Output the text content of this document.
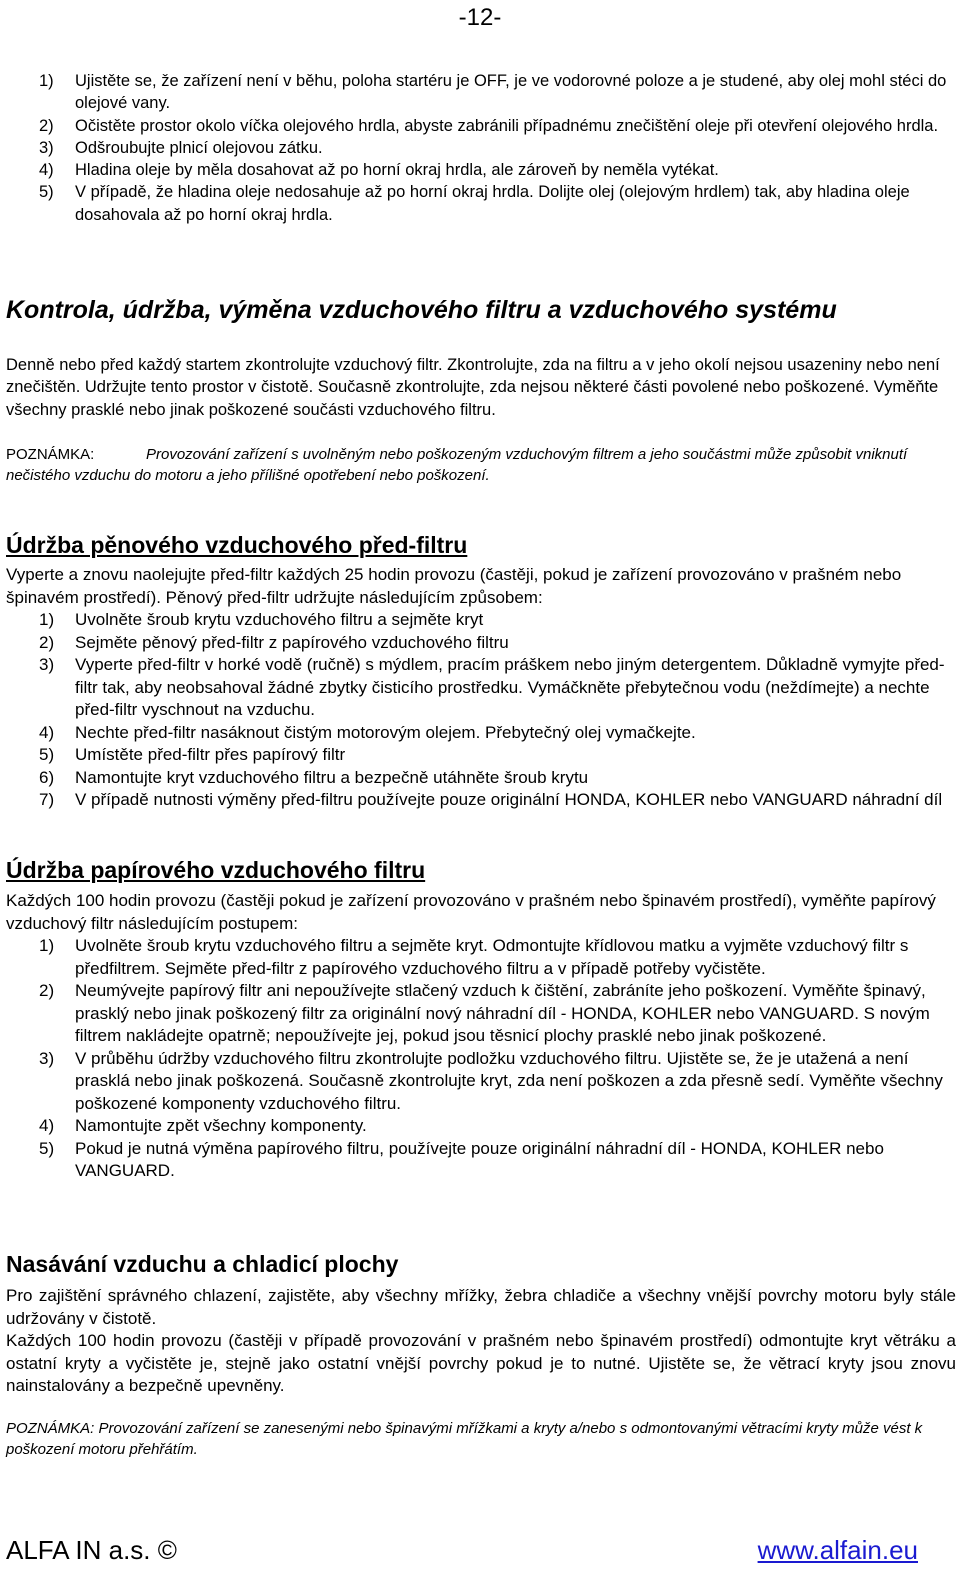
-12-
1) Ujistěte se, že zařízení není v běhu, poloha startéru je OFF, je ve vodorovné poloze a je studené, aby olej mohl stéci do olejové vany.
2) Očistěte prostor okolo víčka olejového hrdla, abyste zabránili případnému znečištění oleje při otevření olejového hrdla.
3) Odšroubujte plnicí olejovou zátku.
4) Hladina oleje by měla dosahovat až po horní okraj hrdla, ale zároveň by neměla vytékat.
5) V případě, že hladina oleje nedosahuje až po horní okraj hrdla. Dolijte olej (olejovým hrdlem) tak, aby hladina oleje dosahovala až po horní okraj hrdla.
Kontrola, údržba, výměna vzduchového filtru a vzduchového systému
Denně nebo před každý startem zkontrolujte vzduchový filtr. Zkontrolujte, zda na filtru a v jeho okolí nejsou usazeniny nebo není znečištěn. Udržujte tento prostor v čistotě. Současně zkontrolujte, zda nejsou některé části povolené nebo poškozené. Vyměňte všechny prasklé nebo jinak poškozené součásti vzduchového filtru.
POZNÁMKA:	Provozování zařízení s uvolněným nebo poškozeným vzduchovým filtrem a jeho součástmi může způsobit vniknutí nečistého vzduchu do motoru a jeho přílišné opotřebení nebo poškození.
Údržba pěnového vzduchového před-filtru
Vyperte a znovu naolejujte před-filtr každých 25 hodin provozu (častěji, pokud je zařízení provozováno v prašném nebo špinavém prostředí). Pěnový před-filtr udržujte následujícím způsobem:
1) Uvolněte šroub krytu vzduchového filtru a sejměte kryt
2) Sejměte pěnový před-filtr z papírového vzduchového filtru
3) Vyperte před-filtr v horké vodě (ručně) s mýdlem, pracím práškem nebo jiným detergentem. Důkladně vymyjte před-filtr tak, aby neobsahoval žádné zbytky čisticího prostředku. Vymáčkněte přebytečnou vodu (neždímejte) a nechte před-filtr vyschnout na vzduchu.
4) Nechte před-filtr nasáknout čistým motorovým olejem. Přebytečný olej vymačkejte.
5) Umístěte před-filtr přes papírový filtr
6) Namontujte kryt vzduchového filtru a bezpečně utáhněte šroub krytu
7) V případě nutnosti výměny před-filtru používejte pouze originální HONDA, KOHLER nebo VANGUARD náhradní díl
Údržba papírového vzduchového filtru
Každých 100 hodin provozu (častěji pokud je zařízení provozováno v prašném nebo špinavém prostředí), vyměňte papírový vzduchový filtr následujícím postupem:
1) Uvolněte šroub krytu vzduchového filtru a sejměte kryt. Odmontujte křídlovou matku a vyjměte vzduchový filtr s předfiltrem. Sejměte před-filtr z papírového vzduchového filtru a v případě potřeby vyčistěte.
2) Neumývejte papírový filtr ani nepoužívejte stlačený vzduch k čištění, zabráníte jeho poškození. Vyměňte špinavý, prasklý nebo jinak poškozený filtr za originální nový náhradní díl - HONDA, KOHLER nebo VANGUARD. S novým filtrem nakládejte opatrně; nepoužívejte jej, pokud jsou těsnicí plochy prasklé nebo jinak poškozené.
3) V průběhu údržby vzduchového filtru zkontrolujte podložku vzduchového filtru. Ujistěte se, že je utažená a není prasklá nebo jinak poškozená. Současně zkontrolujte kryt, zda není poškozen a zda přesně sedí. Vyměňte všechny poškozené komponenty vzduchového filtru.
4) Namontujte zpět všechny komponenty.
5) Pokud je nutná výměna papírového filtru, používejte pouze originální náhradní díl - HONDA, KOHLER nebo VANGUARD.
Nasávání vzduchu a chladicí plochy
Pro zajištění správného chlazení, zajistěte, aby všechny mřížky, žebra chladiče a všechny vnější povrchy motoru byly stále udržovány v čistotě.
Každých 100 hodin provozu (častěji v případě provozování v prašném nebo špinavém prostředí) odmontujte kryt větráku a ostatní kryty a vyčistěte je, stejně jako ostatní vnější povrchy pokud je to nutné. Ujistěte se, že větrací kryty jsou znovu nainstalovány a bezpečně upevněny.
POZNÁMKA: Provozování zařízení se zanesenými nebo špinavými mřížkami a kryty a/nebo s odmontovanými větracími kryty může vést k poškození motoru přehřátím.
ALFA IN a.s. ©	www.alfain.eu
